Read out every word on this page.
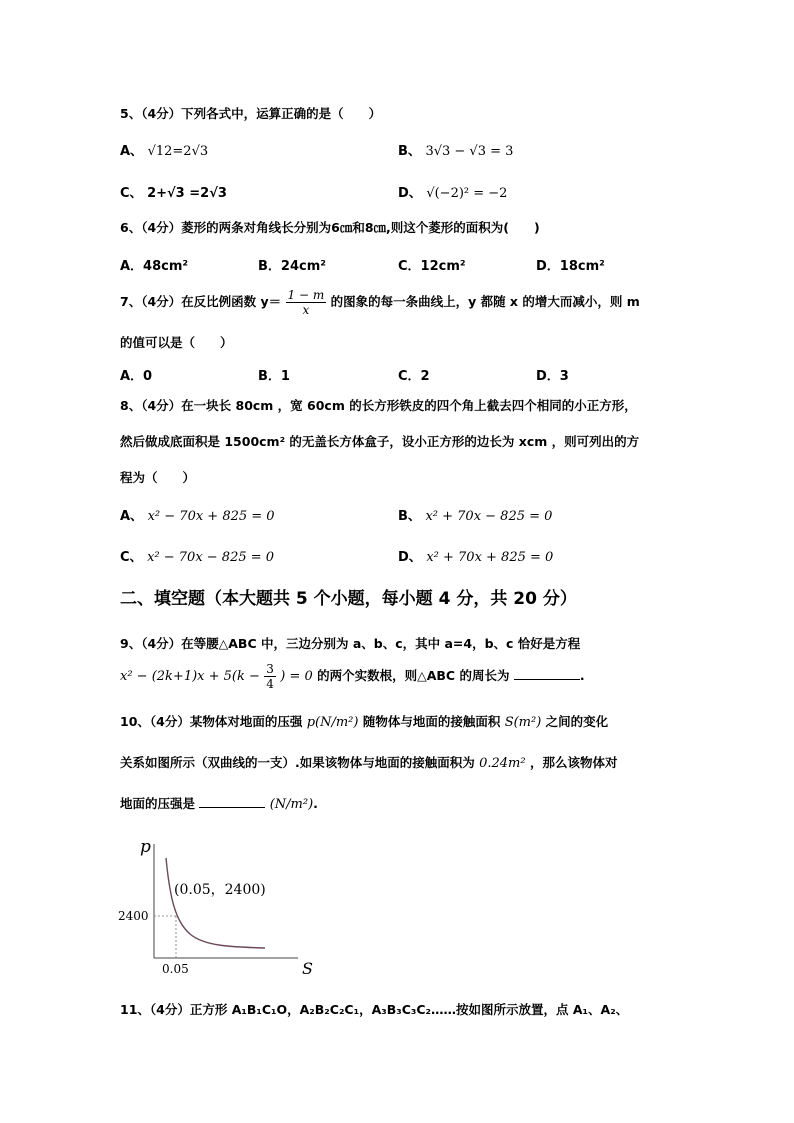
5、（4分）下列各式中，运算正确的是（　　）
A、 √12=2√3	B、 3√3 − √3 = 3
C、 2+√3 =2√3	D、 √(−2)² = −2
6、（4分）菱形的两条对角线长分别为6㎝和8㎝,则这个菱形的面积为(　　)
A．48cm²	B．24cm²	C．12cm²	D．18cm²
7、（4分）在反比例函数 $y= \frac{1 - m}{x}$ 的图象的每一条曲线上，y 都随 x 的增大而减小，则 m
的值可以是（　　）
A．0	B．1	C．2	D．3
8、（4分）在一块长 80cm ，宽 60cm 的长方形铁皮的四个角上截去四个相同的小正方形，
然后做成底面积是 1500cm² 的无盖长方体盒子，设小正方形的边长为 xcm ，则可列出的方
程为（　　）
A、 x² − 70x + 825 = 0	B、 x² + 70x − 825 = 0
C、 x² − 70x − 825 = 0	D、 x² + 70x + 825 = 0
二、填空题（本大题共 5 个小题，每小题 4 分，共 20 分）
9、（4分）在等腰△ABC 中，三边分别为 a、b、c，其中 a=4，b、c 恰好是方程
$x^2 - (2k+1)x + 5(k - \frac{3}{4}$ ) = 0 的两个实数根，则△ABC 的周长为	.
10、（4分）某物体对地面的压强 p(N/m²) 随物体与地面的接触面积 S(m²) 之间的变化
关系如图所示（双曲线的一支）.如果该物体与地面的接触面积为 0.24m² ，那么该物体对
地面的压强是	(N/m²).
p
S
2400
0.05
(0.05，2400)
11、（4分）正方形 A₁B₁C₁O，A₂B₂C₂C₁，A₃B₃C₃C₂……按如图所示放置，点 A₁、A₂、
